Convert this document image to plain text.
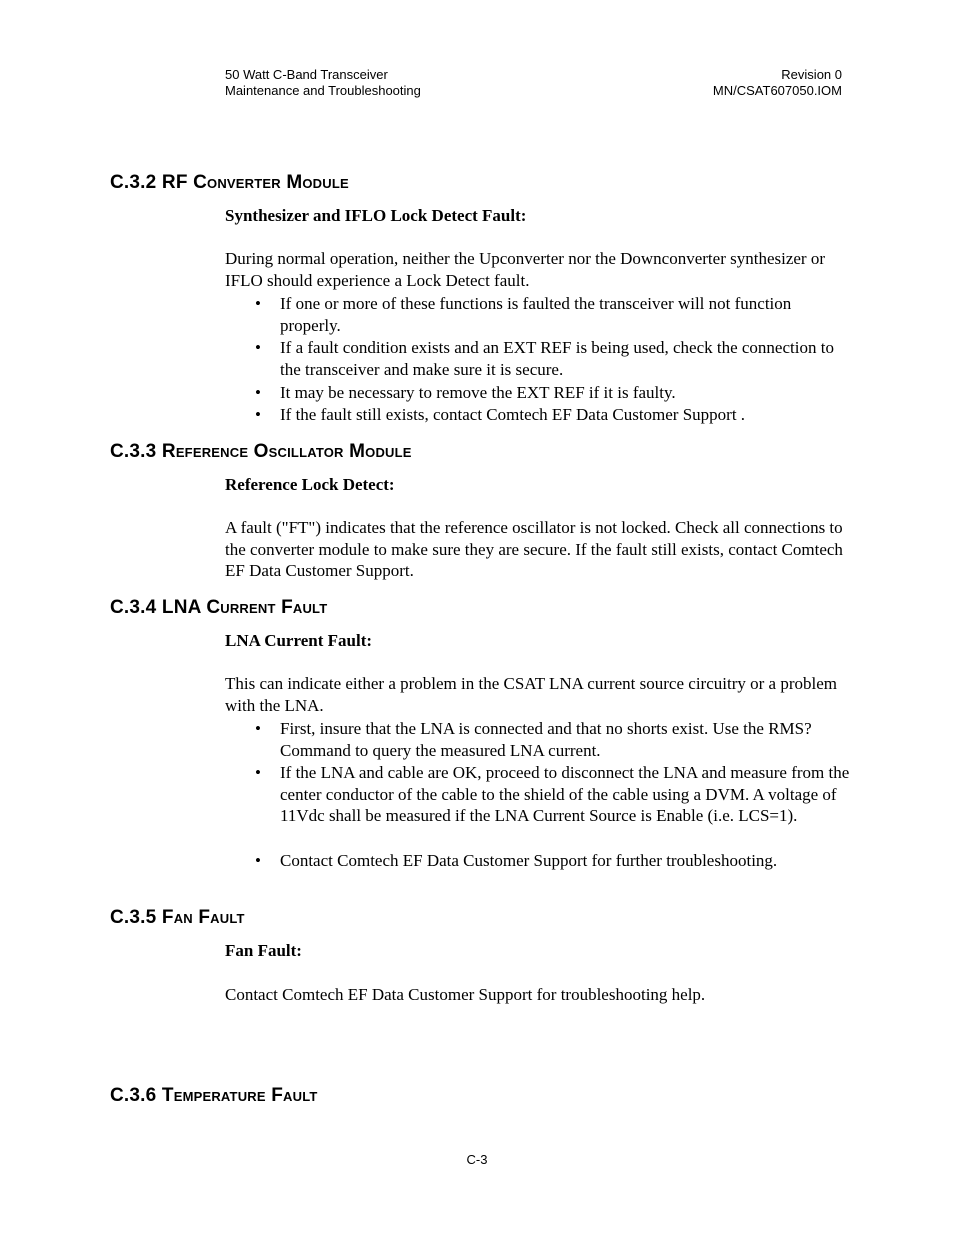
50 Watt C-Band Transceiver
Maintenance and Troubleshooting
Revision 0
MN/CSAT607050.IOM
C.3.2 RF Converter Module
Synthesizer and IFLO Lock Detect Fault:
During normal operation, neither the Upconverter nor the Downconverter synthesizer or IFLO should experience a Lock Detect fault.
• If one or more of these functions is faulted the transceiver will not function properly.
• If a fault condition exists and an EXT REF is being used, check the connection to the transceiver and make sure it is secure.
• It may be necessary to remove the EXT REF if it is faulty.
• If the fault still exists, contact Comtech EF Data Customer Support .
C.3.3 Reference Oscillator Module
Reference Lock Detect:
A fault ("FT") indicates that the reference oscillator is not locked. Check all connections to the converter module to make sure they are secure. If the fault still exists, contact Comtech EF Data Customer Support.
C.3.4 LNA Current Fault
LNA Current Fault:
This can indicate either a problem in the CSAT LNA current source circuitry or a problem with the LNA.
• First, insure that the LNA is connected and that no shorts exist. Use the RMS? Command to query the measured LNA current.
• If the LNA and cable are OK, proceed to disconnect the LNA and measure from the center conductor of the cable to the shield of the cable using a DVM. A voltage of 11Vdc shall be measured if the LNA Current Source is Enable (i.e. LCS=1).
• Contact Comtech EF Data Customer Support for further troubleshooting.
C.3.5 Fan Fault
Fan Fault:
Contact Comtech EF Data Customer Support for troubleshooting help.
C.3.6 Temperature Fault
C-3
